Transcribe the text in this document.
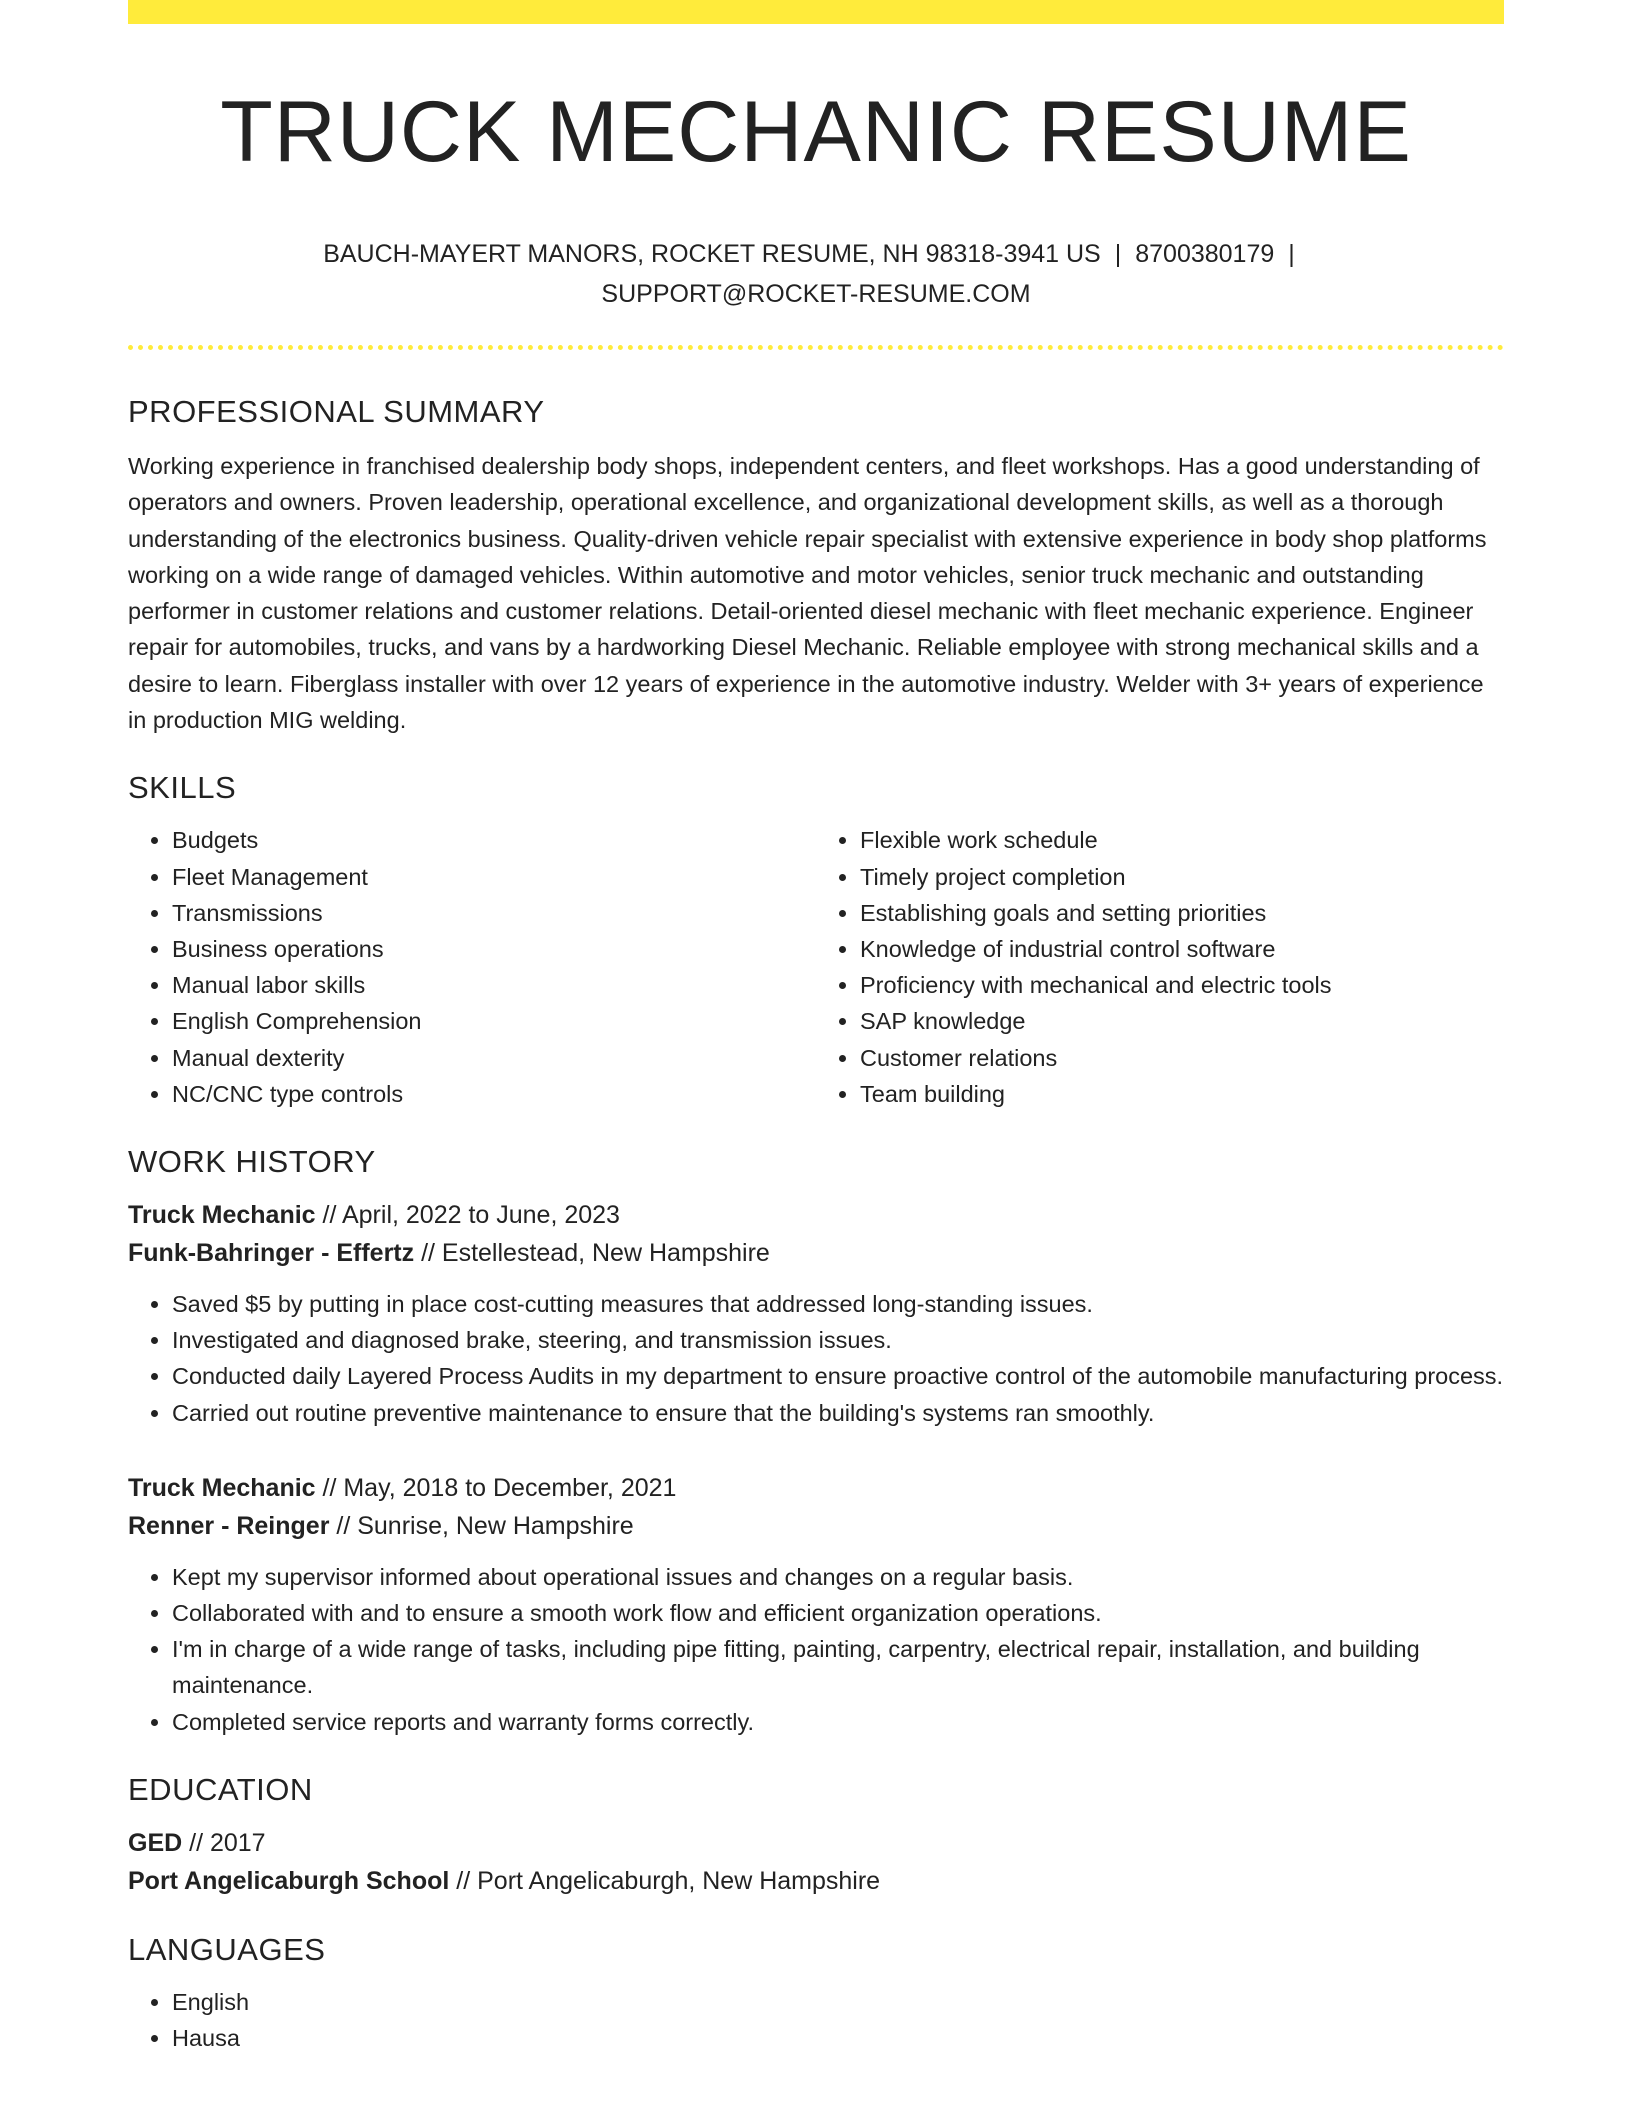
TRUCK MECHANIC RESUME
BAUCH-MAYERT MANORS, ROCKET RESUME, NH 98318-3941 US | 8700380179 |
SUPPORT@ROCKET-RESUME.COM
PROFESSIONAL SUMMARY

Working experience in franchised dealership body shops, independent centers, and fleet workshops. Has a good understanding of operators and owners. Proven leadership, operational excellence, and organizational development skills, as well as a thorough understanding of the electronics business. Quality-driven vehicle repair specialist with extensive experience in body shop platforms working on a wide range of damaged vehicles. Within automotive and motor vehicles, senior truck mechanic and outstanding performer in customer relations and customer relations. Detail-oriented diesel mechanic with fleet mechanic experience. Engineer repair for automobiles, trucks, and vans by a hardworking Diesel Mechanic. Reliable employee with strong mechanical skills and a desire to learn. Fiberglass installer with over 12 years of experience in the automotive industry. Welder with 3+ years of experience in production MIG welding.

SKILLS
• Budgets
• Fleet Management
• Transmissions
• Business operations
• Manual labor skills
• English Comprehension
• Manual dexterity
• NC/CNC type controls
• Flexible work schedule
• Timely project completion
• Establishing goals and setting priorities
• Knowledge of industrial control software
• Proficiency with mechanical and electric tools
• SAP knowledge
• Customer relations
• Team building
WORK HISTORY
Truck Mechanic // April, 2022 to June, 2023
Funk-Bahringer - Effertz // Estellestead, New Hampshire
• Saved $5 by putting in place cost-cutting measures that addressed long-standing issues.
• Investigated and diagnosed brake, steering, and transmission issues.
• Conducted daily Layered Process Audits in my department to ensure proactive control of the automobile manufacturing process.
• Carried out routine preventive maintenance to ensure that the building's systems ran smoothly.
Truck Mechanic // May, 2018 to December, 2021
Renner - Reinger // Sunrise, New Hampshire
• Kept my supervisor informed about operational issues and changes on a regular basis.
• Collaborated with and to ensure a smooth work flow and efficient organization operations.
• I'm in charge of a wide range of tasks, including pipe fitting, painting, carpentry, electrical repair, installation, and building maintenance.
• Completed service reports and warranty forms correctly.
EDUCATION
GED // 2017
Port Angelicaburgh School // Port Angelicaburgh, New Hampshire
LANGUAGES
• English
• Hausa
